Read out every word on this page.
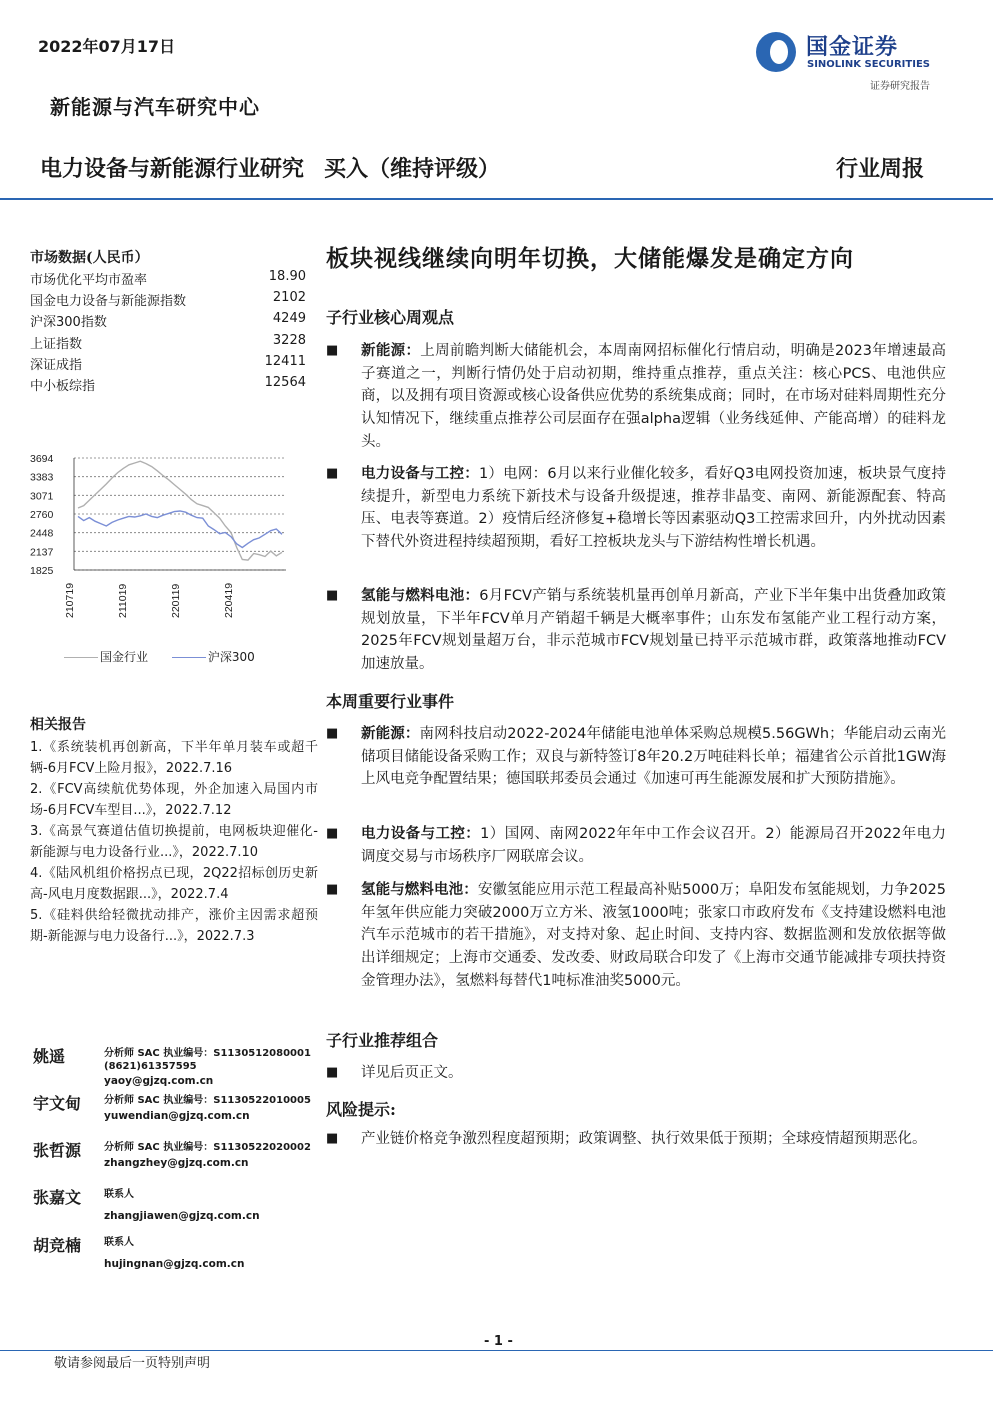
2022年07月17日
新能源与汽车研究中心
国金证券
SINOLINK SECURITIES
证券研究报告
电力设备与新能源行业研究 买入（维持评级）	行业周报
市场数据(人民币）
市场优化平均市盈率	18.90
国金电力设备与新能源指数	2102
沪深300指数	4249
上证指数	3228
深证成指	12411
中小板综指	12564
3694
3383
3071
2760
2448
2137
1825
210719	211019	220119	220419
国金行业	沪深300
相关报告

1.《系统装机再创新高，下半年单月装车或超千辆-6月FCV上险月报》，2022.7.16

2.《FCV高续航优势体现，外企加速入局国内市场-6月FCV车型目...》，2022.7.12

3.《高景气赛道估值切换提前，电网板块迎催化-新能源与电力设备行业...》，2022.7.10

4.《陆风机组价格拐点已现，2Q22招标创历史新高-风电月度数据跟...》，2022.7.4

5.《硅料供给轻微扰动排产，涨价主因需求超预期-新能源与电力设备行...》，2022.7.3

姚遥	分析师 SAC 执业编号：S1130512080001
(8621)61357595
yaoy@gjzq.com.cn
宇文甸 分析师 SAC 执业编号：S1130522010005
yuwendian@gjzq.com.cn
张哲源 分析师 SAC 执业编号：S1130522020002
zhangzhey@gjzq.com.cn
张嘉文 联系人
zhangjiawen@gjzq.com.cn
胡竞楠 联系人
hujingnan@gjzq.com.cn
板块视线继续向明年切换，大储能爆发是确定方向
子行业核心周观点
■ 新能源：上周前瞻判断大储能机会，本周南网招标催化行情启动，明确是2023年增速最高子赛道之一，判断行情仍处于启动初期，维持重点推荐，重点关注：核心PCS、电池供应商，以及拥有项目资源或核心设备供应优势的系统集成商；同时，在市场对硅料周期性充分认知情况下，继续重点推荐公司层面存在强alpha逻辑（业务线延伸、产能高增）的硅料龙头。
■ 电力设备与工控：1）电网：6月以来行业催化较多，看好Q3电网投资加速，板块景气度持续提升，新型电力系统下新技术与设备升级提速，推荐非晶变、南网、新能源配套、特高压、电表等赛道。2）疫情后经济修复+稳增长等因素驱动Q3工控需求回升，内外扰动因素下替代外资进程持续超预期，看好工控板块龙头与下游结构性增长机遇。
■ 氢能与燃料电池：6月FCV产销与系统装机量再创单月新高，产业下半年集中出货叠加政策规划放量，下半年FCV单月产销超千辆是大概率事件；山东发布氢能产业工程行动方案，2025年FCV规划量超万台，非示范城市FCV规划量已持平示范城市群，政策落地推动FCV加速放量。
本周重要行业事件
■ 新能源：南网科技启动2022-2024年储能电池单体采购总规模5.56GWh；华能启动云南光储项目储能设备采购工作；双良与新特签订8年20.2万吨硅料长单；福建省公示首批1GW海上风电竞争配置结果；德国联邦委员会通过《加速可再生能源发展和扩大预防措施》。
■ 电力设备与工控：1）国网、南网2022年年中工作会议召开。2）能源局召开2022年电力调度交易与市场秩序厂网联席会议。
■ 氢能与燃料电池：安徽氢能应用示范工程最高补贴5000万；阜阳发布氢能规划，力争2025年氢年供应能力突破2000万立方米、液氢1000吨；张家口市政府发布《支持建设燃料电池汽车示范城市的若干措施》，对支持对象、起止时间、支持内容、数据监测和发放依据等做出详细规定；上海市交通委、发改委、财政局联合印发了《上海市交通节能减排专项扶持资金管理办法》，氢燃料每替代1吨标准油奖5000元。
子行业推荐组合
■ 详见后页正文。
风险提示:
■ 产业链价格竞争激烈程度超预期；政策调整、执行效果低于预期；全球疫情超预期恶化。
- 1 -
敬请参阅最后一页特别声明
